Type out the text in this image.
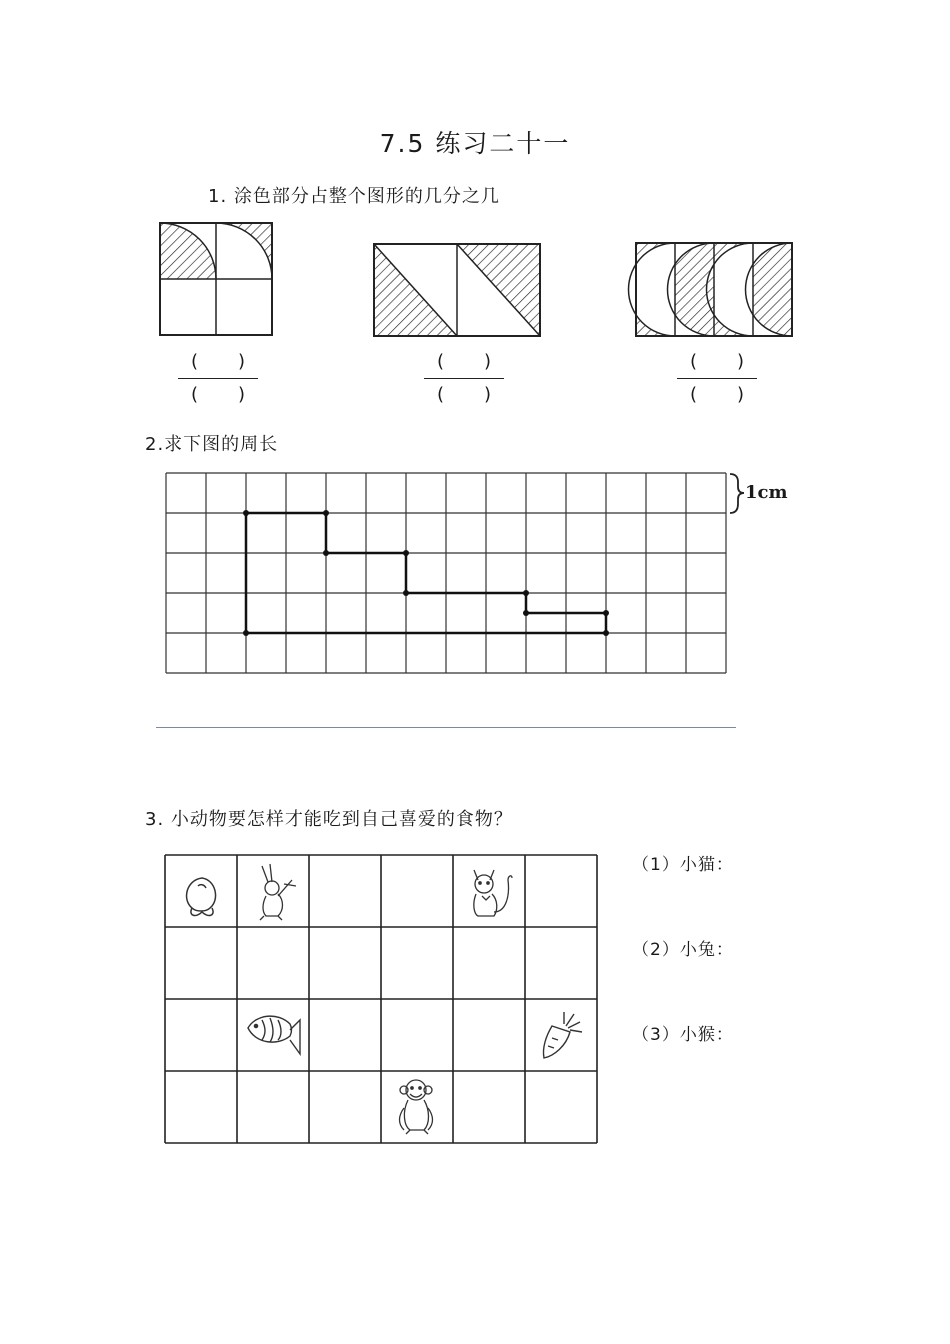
7.5 练习二十一
1. 涂色部分占整个图形的几分之几
(       )
(       )
(       )
(       )
(       )
(       )
2.求下图的周长
1cm
3. 小动物要怎样才能吃到自己喜爱的食物？
（1）小猫：
（2）小兔：
（3）小猴：
